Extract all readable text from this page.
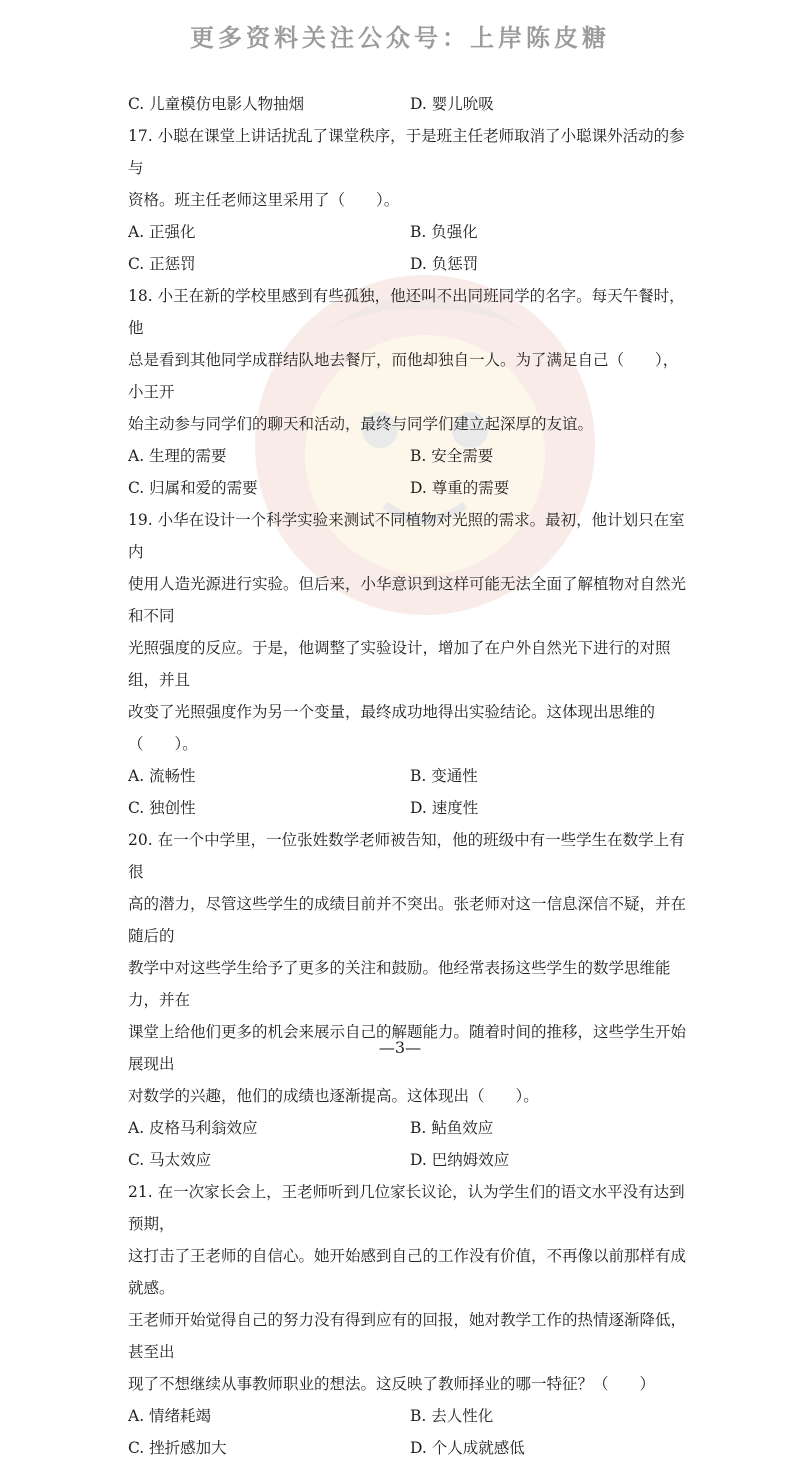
更多资料关注公众号：上岸陈皮糖
C. 儿童模仿电影人物抽烟	D. 婴儿吮吸

17. 小聪在课堂上讲话扰乱了课堂秩序，于是班主任老师取消了小聪课外活动的参与

资格。班主任老师这里采用了（　　）。

A. 正强化	B. 负强化
C. 正惩罚	D. 负惩罚

18. 小王在新的学校里感到有些孤独，他还叫不出同班同学的名字。每天午餐时，他

总是看到其他同学成群结队地去餐厅，而他却独自一人。为了满足自己（　　），小王开

始主动参与同学们的聊天和活动，最终与同学们建立起深厚的友谊。

A. 生理的需要	B. 安全需要
C. 归属和爱的需要	D. 尊重的需要

19. 小华在设计一个科学实验来测试不同植物对光照的需求。最初，他计划只在室内

使用人造光源进行实验。但后来，小华意识到这样可能无法全面了解植物对自然光和不同

光照强度的反应。于是，他调整了实验设计，增加了在户外自然光下进行的对照组，并且

改变了光照强度作为另一个变量，最终成功地得出实验结论。这体现出思维的（　　）。

A. 流畅性	B. 变通性
C. 独创性	D. 速度性

20. 在一个中学里，一位张姓数学老师被告知，他的班级中有一些学生在数学上有很

高的潜力，尽管这些学生的成绩目前并不突出。张老师对这一信息深信不疑，并在随后的

教学中对这些学生给予了更多的关注和鼓励。他经常表扬这些学生的数学思维能力，并在

课堂上给他们更多的机会来展示自己的解题能力。随着时间的推移，这些学生开始展现出

对数学的兴趣，他们的成绩也逐渐提高。这体现出（　　）。

A. 皮格马利翁效应	B. 鲇鱼效应
C. 马太效应	D. 巴纳姆效应

21. 在一次家长会上，王老师听到几位家长议论，认为学生们的语文水平没有达到预期，

这打击了王老师的自信心。她开始感到自己的工作没有价值，不再像以前那样有成就感。

王老师开始觉得自己的努力没有得到应有的回报，她对教学工作的热情逐渐降低，甚至出

现了不想继续从事教师职业的想法。这反映了教师择业的哪一特征？（　　）

A. 情绪耗竭	B. 去人性化
C. 挫折感加大	D. 个人成就感低
—3—
